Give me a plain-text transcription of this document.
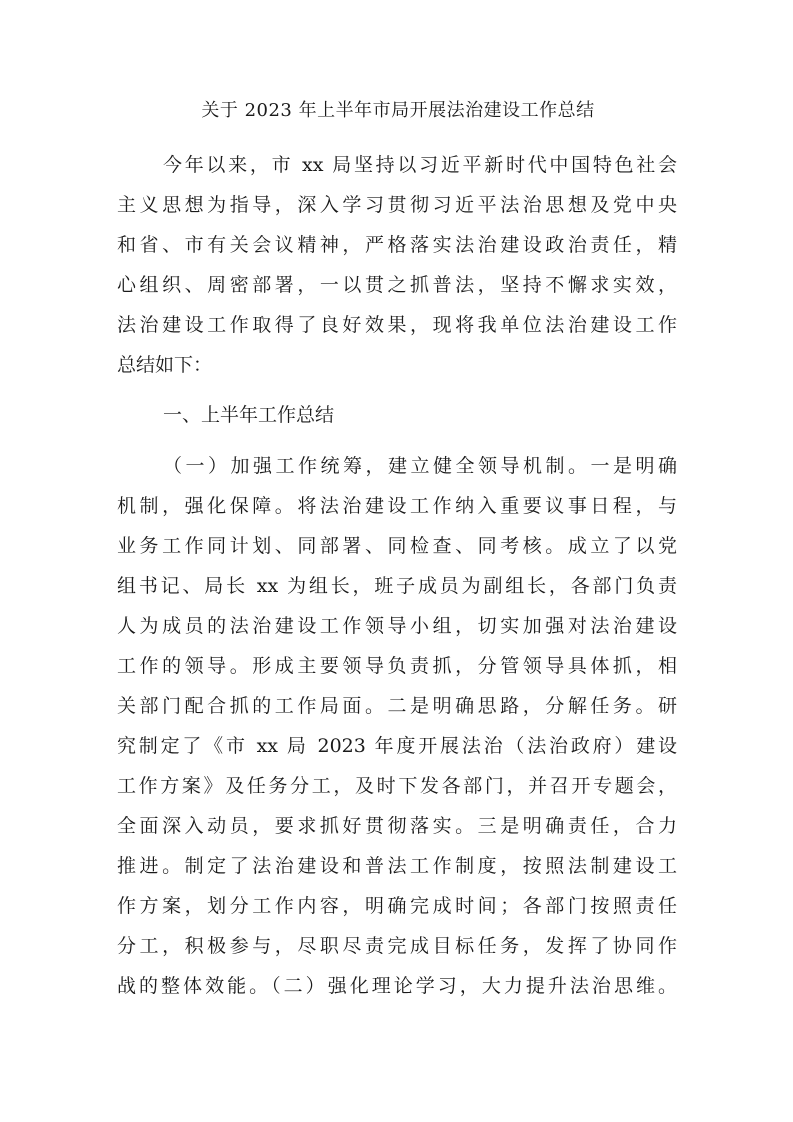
关于 2023 年上半年市局开展法治建设工作总结
今年以来，市 xx 局坚持以习近平新时代中国特色社会
主义思想为指导，深入学习贯彻习近平法治思想及党中央
和省、市有关会议精神，严格落实法治建设政治责任，精
心组织、周密部署，一以贯之抓普法，坚持不懈求实效，
法治建设工作取得了良好效果，现将我单位法治建设工作
总结如下：
一、上半年工作总结
（一）加强工作统筹，建立健全领导机制。一是明确
机制，强化保障。将法治建设工作纳入重要议事日程，与
业务工作同计划、同部署、同检查、同考核。成立了以党
组书记、局长 xx 为组长，班子成员为副组长，各部门负责
人为成员的法治建设工作领导小组，切实加强对法治建设
工作的领导。形成主要领导负责抓，分管领导具体抓，相
关部门配合抓的工作局面。二是明确思路，分解任务。研
究制定了《市 xx 局 2023 年度开展法治（法治政府）建设
工作方案》及任务分工，及时下发各部门，并召开专题会，
全面深入动员，要求抓好贯彻落实。三是明确责任，合力
推进。制定了法治建设和普法工作制度，按照法制建设工
作方案，划分工作内容，明确完成时间；各部门按照责任
分工，积极参与，尽职尽责完成目标任务，发挥了协同作
战的整体效能。（二）强化理论学习，大力提升法治思维。
